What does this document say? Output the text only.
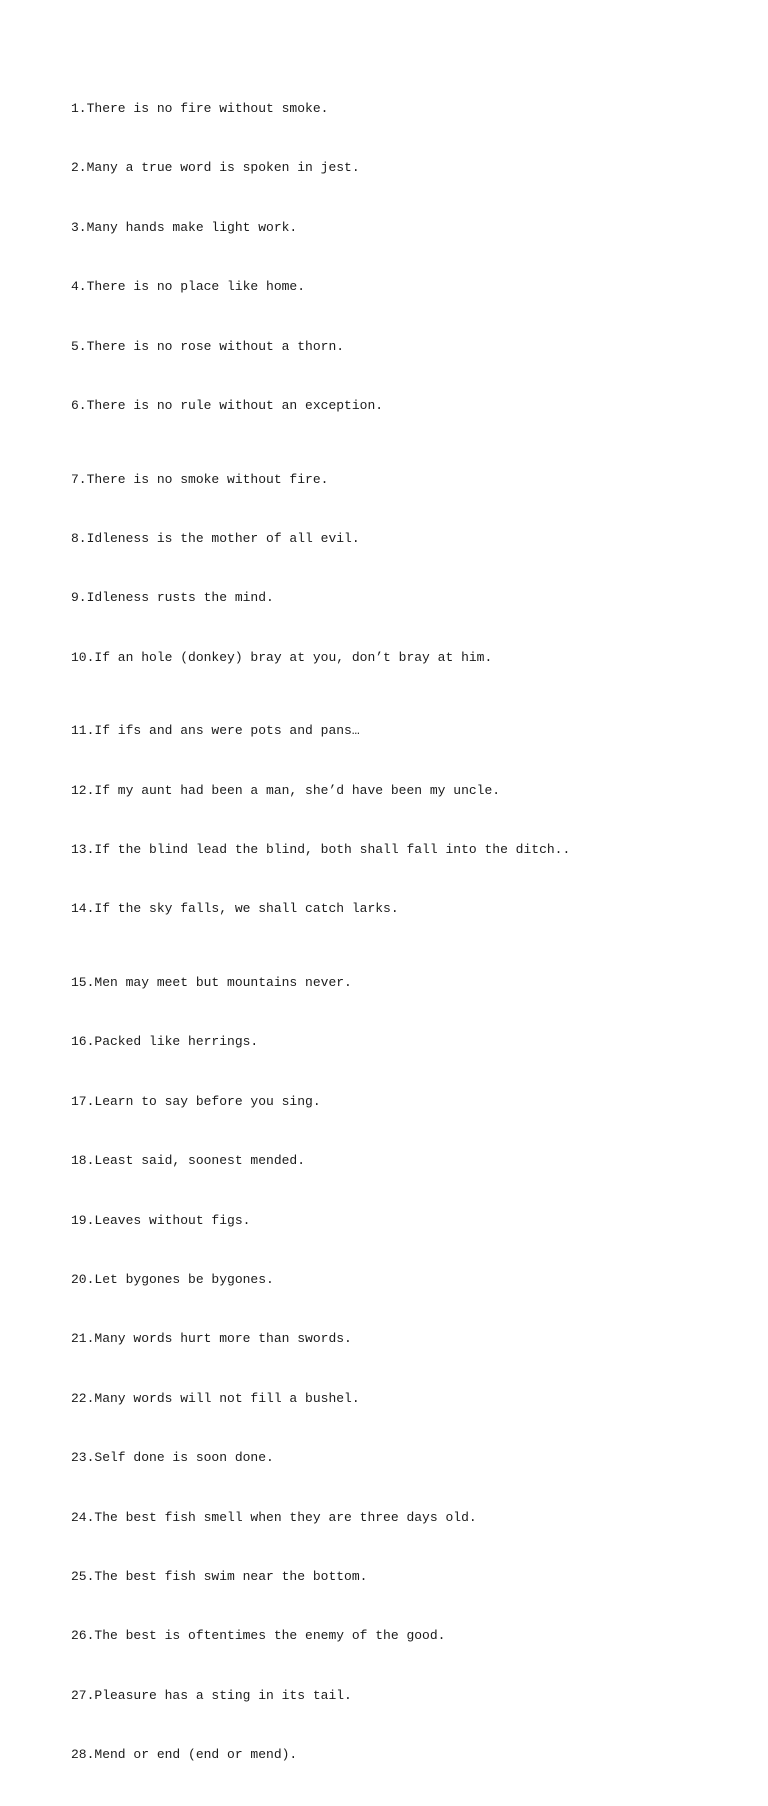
1.There is no fire without smoke.

2.Many a true word is spoken in jest.

3.Many hands make light work.

4.There is no place like home.

5.There is no rose without a thorn.

6.There is no rule without an exception.

7.There is no smoke without fire.

8.Idleness is the mother of all evil.

9.Idleness rusts the mind.

10.If an hole (donkey) bray at you, don’t bray at him.

11.If ifs and ans were pots and pans…

12.If my aunt had been a man, she’d have been my uncle.

13.If the blind lead the blind, both shall fall into the ditch..

14.If the sky falls, we shall catch larks.

15.Men may meet but mountains never.

16.Packed like herrings.

17.Learn to say before you sing.

18.Least said, soonest mended.

19.Leaves without figs.

20.Let bygones be bygones.

21.Many words hurt more than swords.

22.Many words will not fill a bushel.

23.Self done is soon done.

24.The best fish smell when they are three days old.

25.The best fish swim near the bottom.

26.The best is oftentimes the enemy of the good.

27.Pleasure has a sting in its tail.

28.Mend or end (end or mend).
